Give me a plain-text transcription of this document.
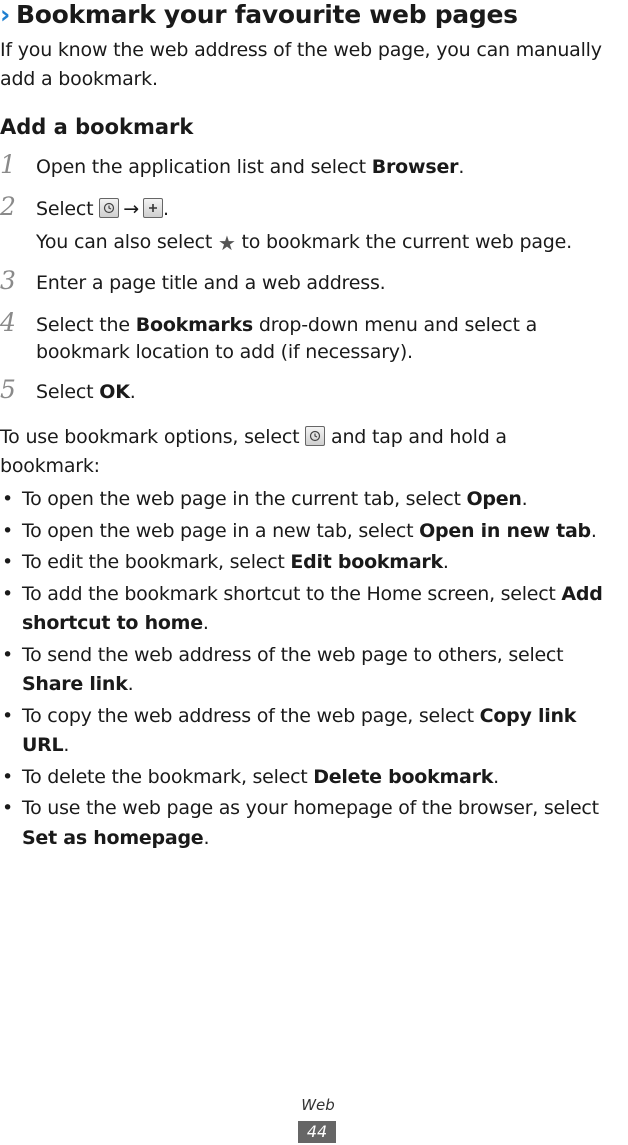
› Bookmark your favourite web pages
If you know the web address of the web page, you can manually add a bookmark.
Add a bookmark
1	Open the application list and select Browser.
2	Select
→ .
You can also select ★ to bookmark the current web page.
3	Enter a page title and a web address.
4	Select the Bookmarks drop-down menu and select a
bookmark location to add (if necessary).
5	Select OK.
To use bookmark options, select
and tap and hold a bookmark:
• To open the web page in the current tab, select Open.
• To open the web page in a new tab, select Open in new tab.
• To edit the bookmark, select Edit bookmark.
• To add the bookmark shortcut to the Home screen, select Add shortcut to home.
• To send the web address of the web page to others, select Share link.
• To copy the web address of the web page, select Copy link URL.
• To delete the bookmark, select Delete bookmark.
• To use the web page as your homepage of the browser, select Set as homepage.
Web
44
